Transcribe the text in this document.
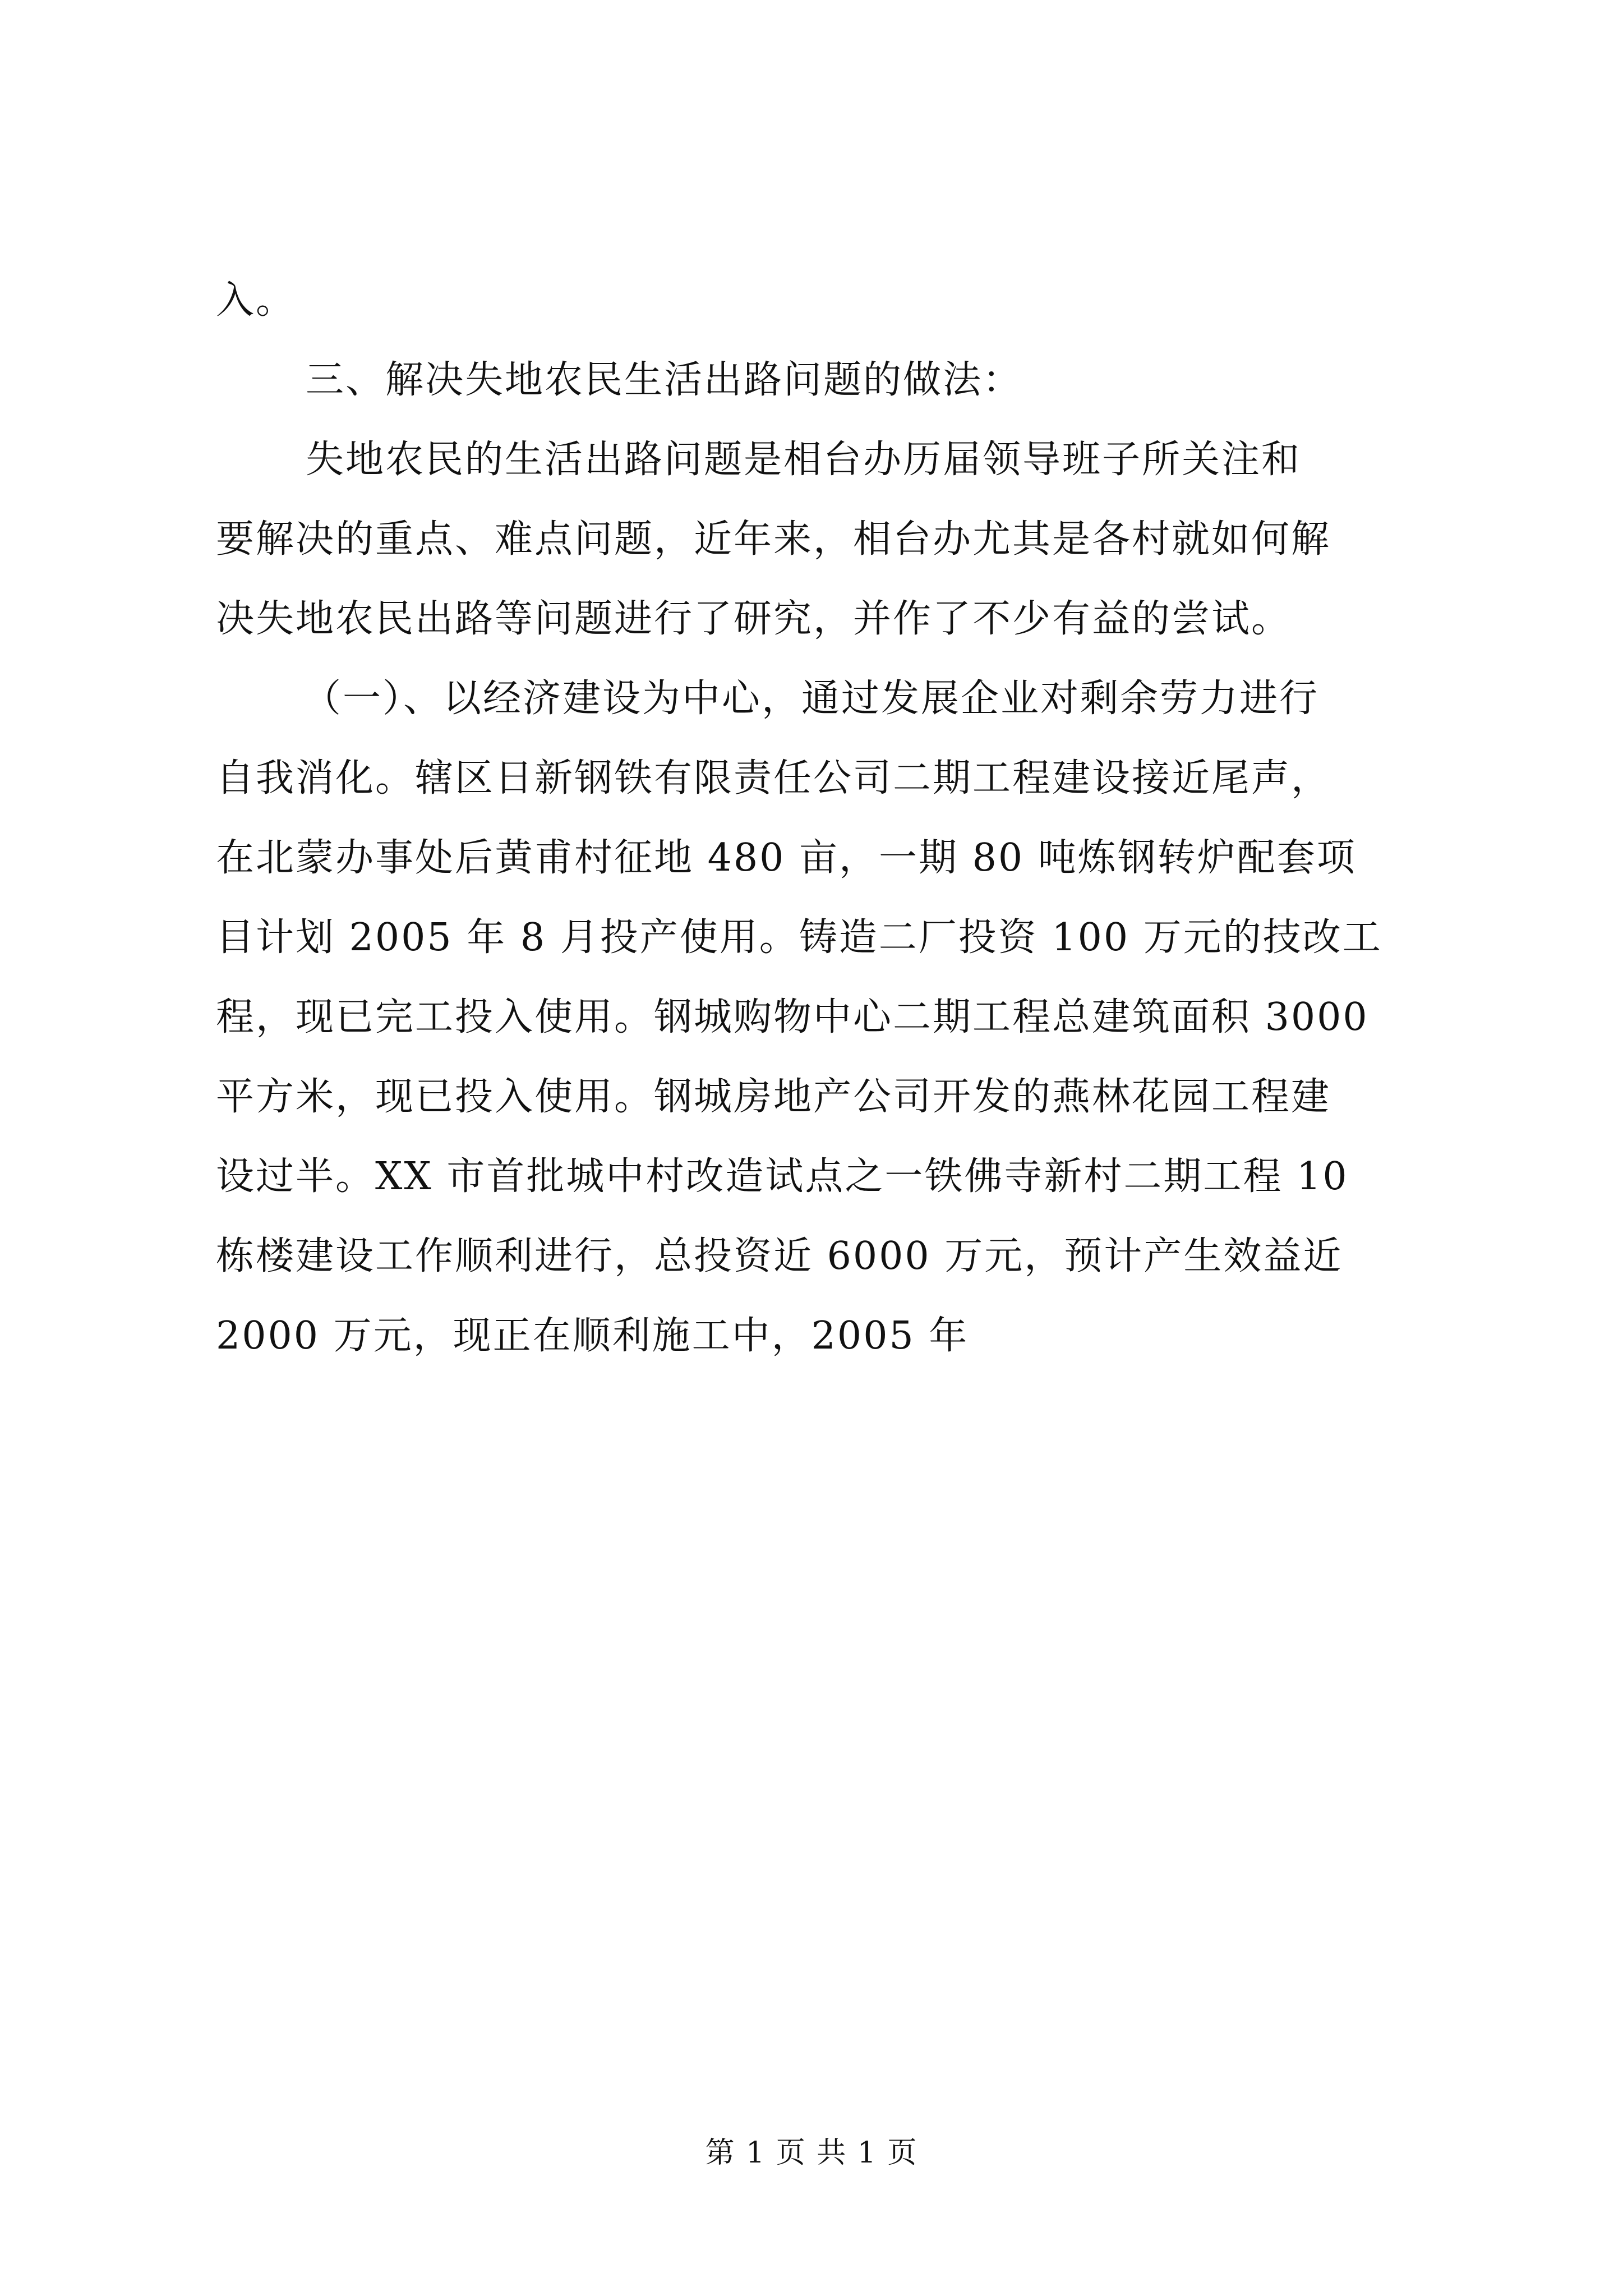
入。
三、解决失地农民生活出路问题的做法：
失地农民的生活出路问题是相台办历届领导班子所关注和
要解决的重点、难点问题，近年来，相台办尤其是各村就如何解
决失地农民出路等问题进行了研究，并作了不少有益的尝试。
（一）、以经济建设为中心，通过发展企业对剩余劳力进行
自我消化。辖区日新钢铁有限责任公司二期工程建设接近尾声，
在北蒙办事处后黄甫村征地 480 亩，一期 80 吨炼钢转炉配套项
目计划 2005 年 8 月投产使用。铸造二厂投资 100 万元的技改工
程，现已完工投入使用。钢城购物中心二期工程总建筑面积 3000
平方米，现已投入使用。钢城房地产公司开发的燕林花园工程建
设过半。XX 市首批城中村改造试点之一铁佛寺新村二期工程 10
栋楼建设工作顺利进行，总投资近 6000 万元，预计产生效益近
2000 万元，现正在顺利施工中，2005 年
第 1 页 共 1 页
